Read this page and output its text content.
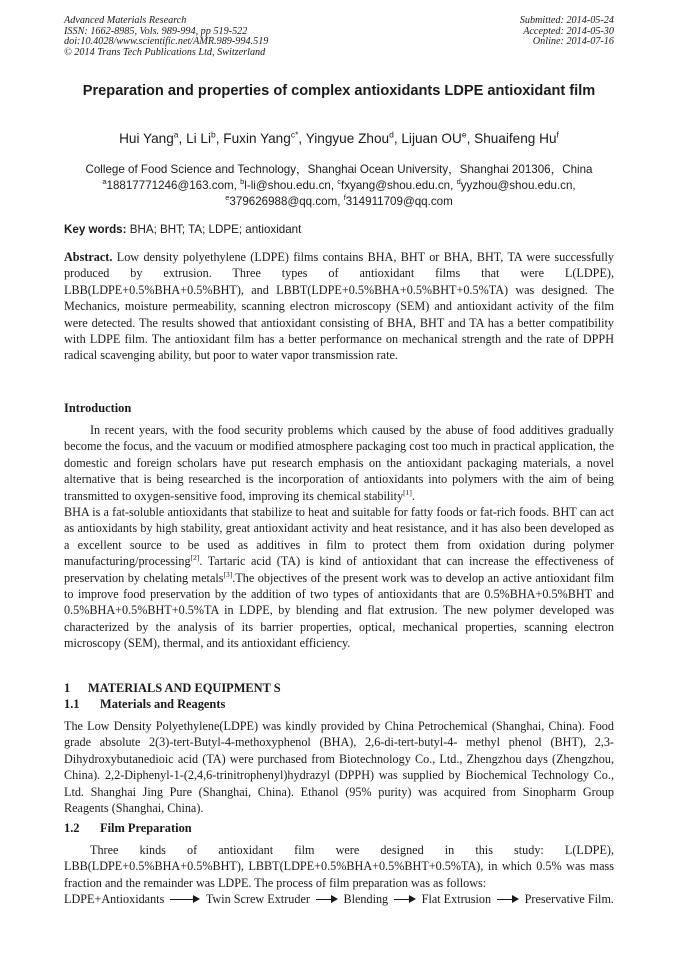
Advanced Materials Research
ISSN: 1662-8985, Vols. 989-994, pp 519-522
doi:10.4028/www.scientific.net/AMR.989-994.519
© 2014 Trans Tech Publications Ltd, Switzerland
Submitted: 2014-05-24
Accepted: 2014-05-30
Online: 2014-07-16
Preparation and properties of complex antioxidants LDPE antioxidant film
Hui Yang$^a$, Li Li$^b$, Fuxin Yang$^{c*}$, Yingyue Zhou$^d$, Lijuan $OU^e$, Shuaifeng Hu$^f$
College of Food Science and Technology，Shanghai Ocean University，Shanghai 201306，China
$^a$18817771246@163.com, $^b$l-li@shou.edu.cn, $^c$fxyang@shou.edu.cn, $^d$yyzhou@shou.edu.cn,
$^e$379626988@qq.com, $^f$314911709@qq.com
Key words: BHA; BHT; TA; LDPE; antioxidant

Abstract. Low density polyethylene (LDPE) films contains BHA, BHT or BHA, BHT, TA were successfully produced by extrusion. Three types of antioxidant films that were L(LDPE), LBB(LDPE+0.5%BHA+0.5%BHT), and LBBT(LDPE+0.5%BHA+0.5%BHT+0.5%TA) was designed. The Mechanics, moisture permeability, scanning electron microscopy (SEM) and antioxidant activity of the film were detected. The results showed that antioxidant consisting of BHA, BHT and TA has a better compatibility with LDPE film. The antioxidant film has a better performance on mechanical strength and the rate of DPPH radical scavenging ability, but poor to water vapor transmission rate.

Introduction

In recent years, with the food security problems which caused by the abuse of food additives gradually become the focus, and the vacuum or modified atmosphere packaging cost too much in practical application, the domestic and foreign scholars have put research emphasis on the antioxidant packaging materials, a novel alternative that is being researched is the incorporation of antioxidants into polymers with the aim of being transmitted to oxygen-sensitive food, improving its chemical stability[1].

BHA is a fat-soluble antioxidants that stabilize to heat and suitable for fatty foods or fat-rich foods. BHT can act as antioxidants by high stability, great antioxidant activity and heat resistance, and it has also been developed as a excellent source to be used as additives in film to protect them from oxidation during polymer manufacturing/processing[2]. Tartaric acid (TA) is kind of antioxidant that can increase the effectiveness of preservation by chelating metals[3].The objectives of the present work was to develop an active antioxidant film to improve food preservation by the addition of two types of antioxidants that are 0.5%BHA+0.5%BHT and 0.5%BHA+0.5%BHT+0.5%TA in LDPE, by blending and flat extrusion. The new polymer developed was characterized by the analysis of its barrier properties, optical, mechanical properties, scanning electron microscopy (SEM), thermal, and its antioxidant efficiency.

1 MATERIALS AND EQUIPMENT S
1.1 Materials and Reagents

The Low Density Polyethylene(LDPE) was kindly provided by China Petrochemical (Shanghai, China). Food grade absolute 2(3)-tert-Butyl-4-methoxyphenol (BHA), 2,6-di-tert-butyl-4- methyl phenol (BHT), 2,3-Dihydroxybutanedioic acid (TA) were purchased from Biotechnology Co., Ltd., Zhengzhou days (Zhengzhou, China). 2,2-Diphenyl-1-(2,4,6-trinitrophenyl)hydrazyl (DPPH) was supplied by Biochemical Technology Co., Ltd. Shanghai Jing Pure (Shanghai, China). Ethanol (95% purity) was acquired from Sinopharm Group Reagents (Shanghai, China).

1.2 Film Preparation

Three kinds of antioxidant film were designed in this study: L(LDPE), LBB(LDPE+0.5%BHA+0.5%BHT), LBBT(LDPE+0.5%BHA+0.5%BHT+0.5%TA), in which 0.5% was mass fraction and the remainder was LDPE. The process of film preparation was as follows:

LDPE+Antioxidants	Twin Screw Extruder	Blending	Flat Extrusion	Preservative Film.
